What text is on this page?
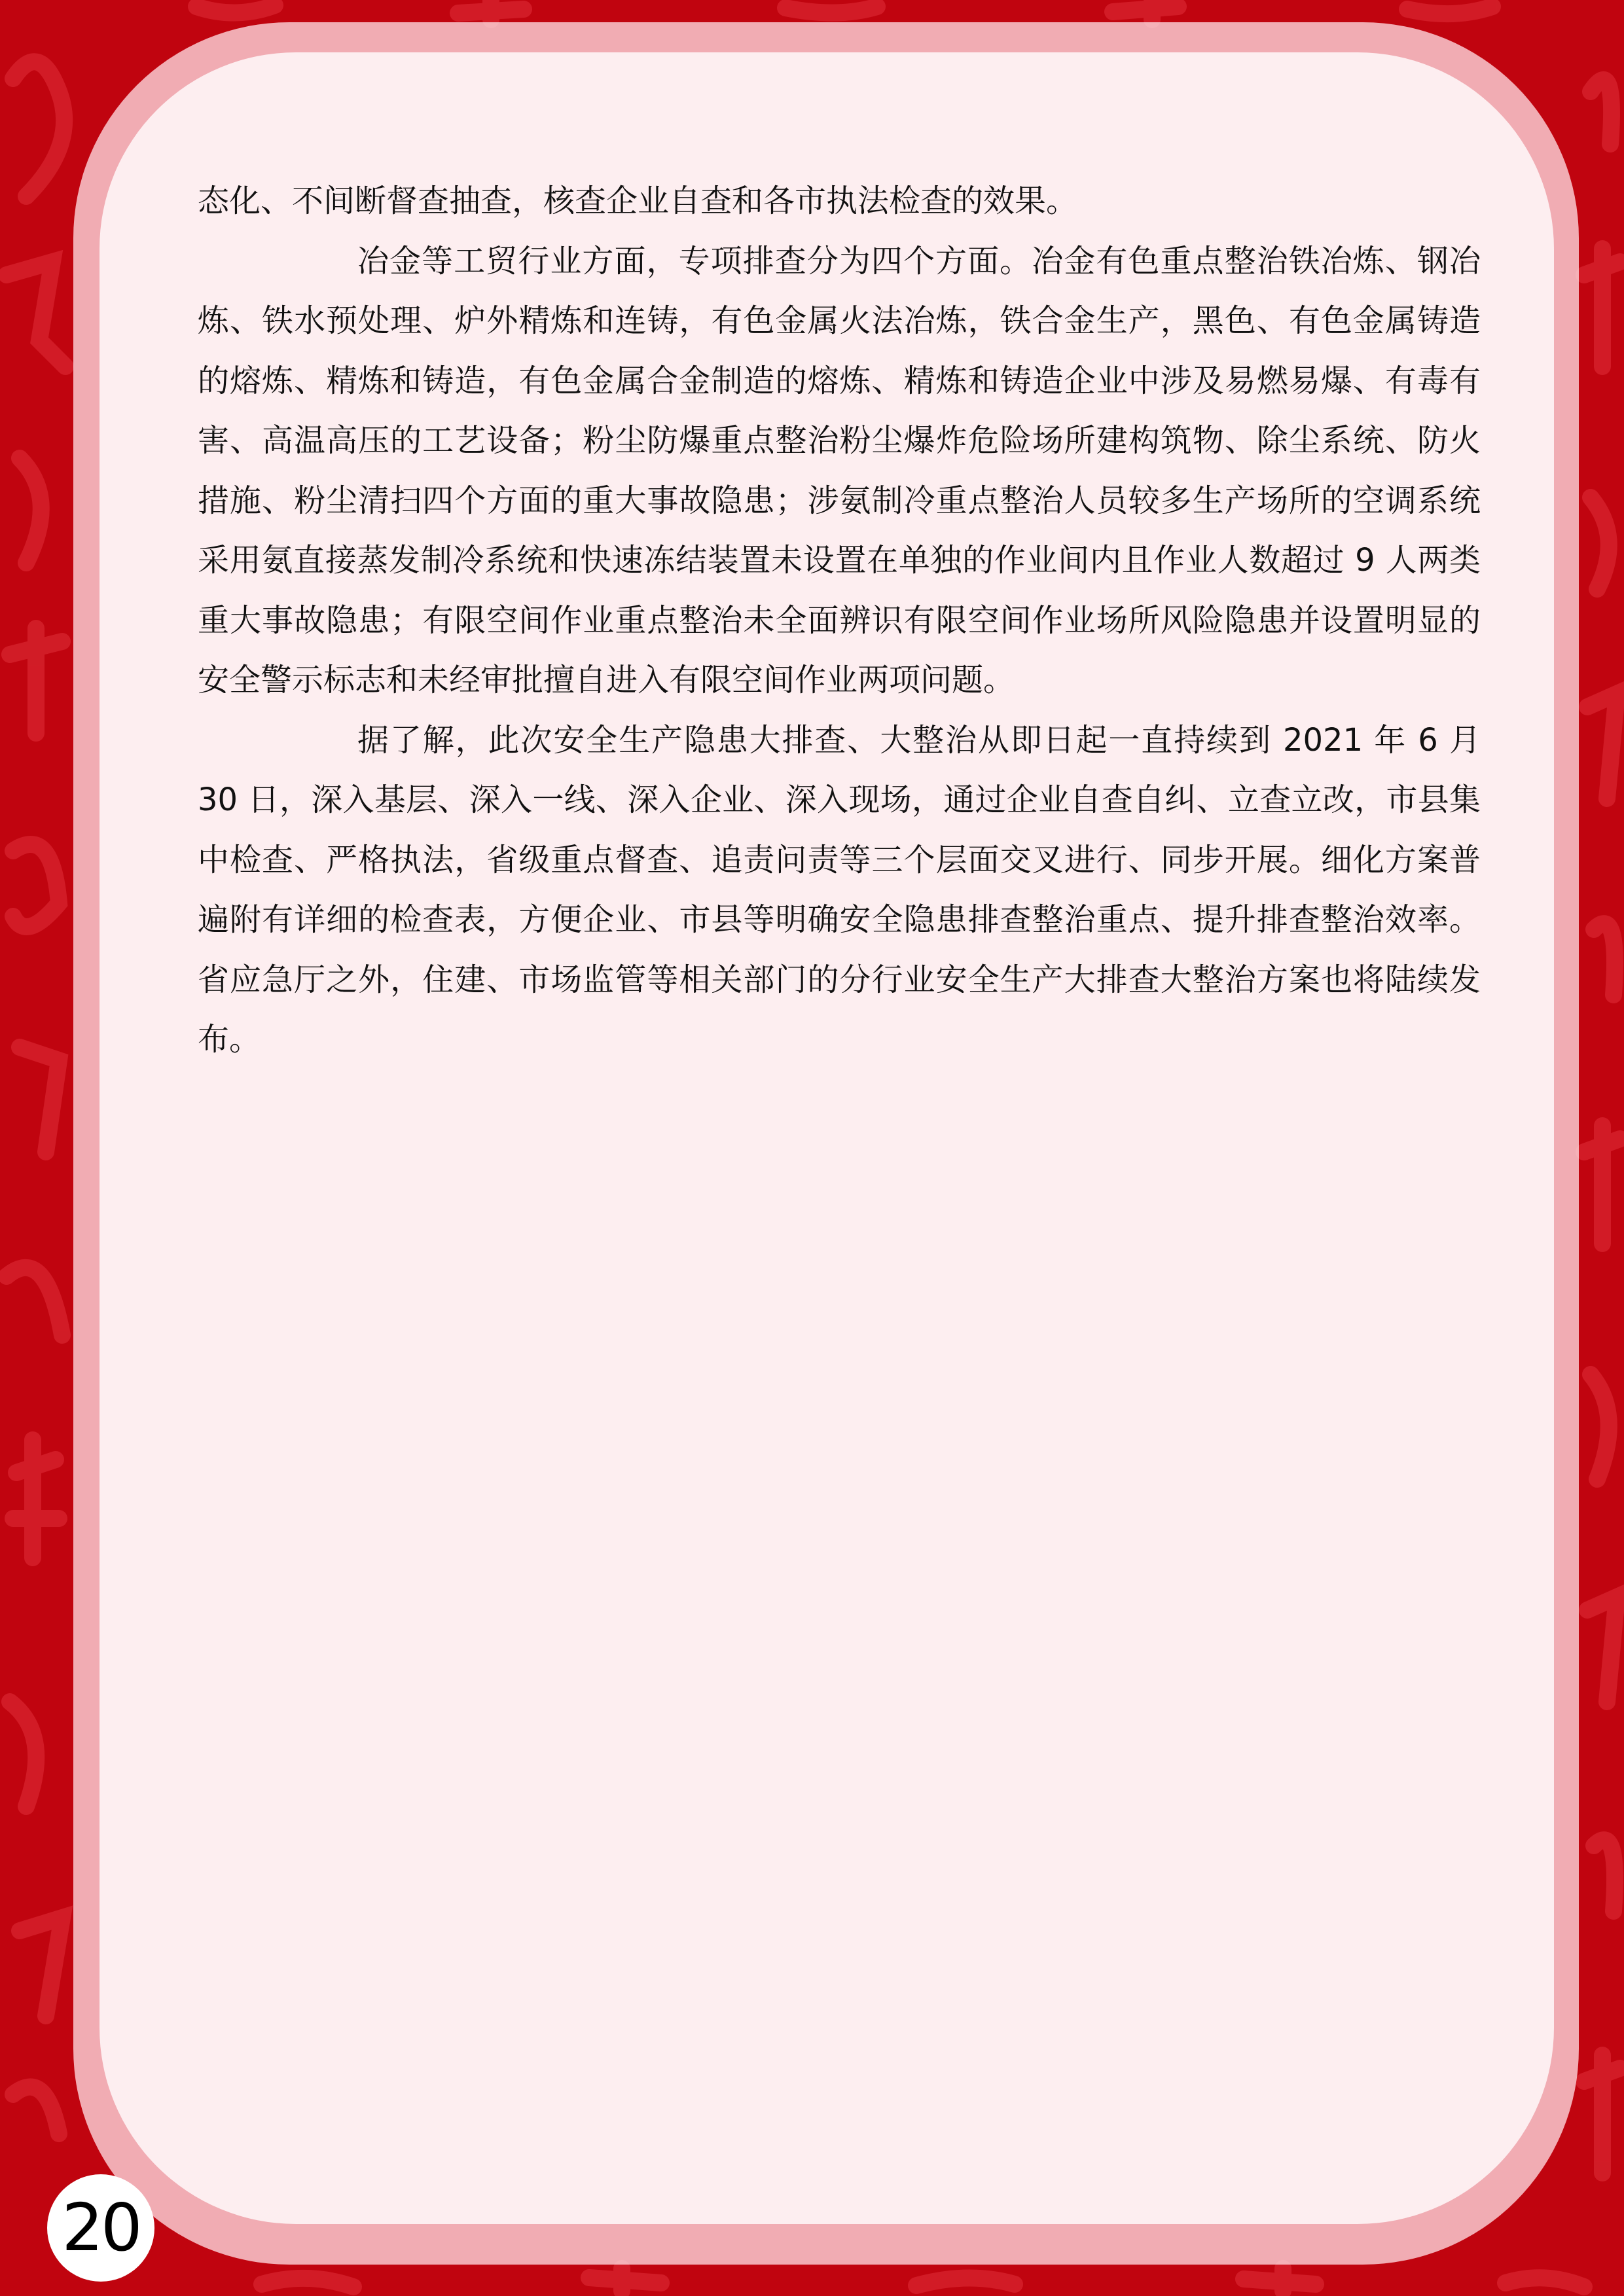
态化、不间断督查抽查，核查企业自查和各市执法检查的效果。

冶金等工贸行业方面，专项排查分为四个方面。冶金有色重点整治铁冶炼、钢冶炼、铁水预处理、炉外精炼和连铸，有色金属火法冶炼，铁合金生产，黑色、有色金属铸造的熔炼、精炼和铸造，有色金属合金制造的熔炼、精炼和铸造企业中涉及易燃易爆、有毒有害、高温高压的工艺设备；粉尘防爆重点整治粉尘爆炸危险场所建构筑物、除尘系统、防火措施、粉尘清扫四个方面的重大事故隐患；涉氨制冷重点整治人员较多生产场所的空调系统采用氨直接蒸发制冷系统和快速冻结装置未设置在单独的作业间内且作业人数超过 9 人两类重大事故隐患；有限空间作业重点整治未全面辨识有限空间作业场所风险隐患并设置明显的安全警示标志和未经审批擅自进入有限空间作业两项问题。

据了解，此次安全生产隐患大排查、大整治从即日起一直持续到 2021 年 6 月 30 日，深入基层、深入一线、深入企业、深入现场，通过企业自查自纠、立查立改，市县集中检查、严格执法，省级重点督查、追责问责等三个层面交叉进行、同步开展。细化方案普遍附有详细的检查表，方便企业、市县等明确安全隐患排查整治重点、提升排查整治效率。省应急厅之外，住建、市场监管等相关部门的分行业安全生产大排查大整治方案也将陆续发布。

20
